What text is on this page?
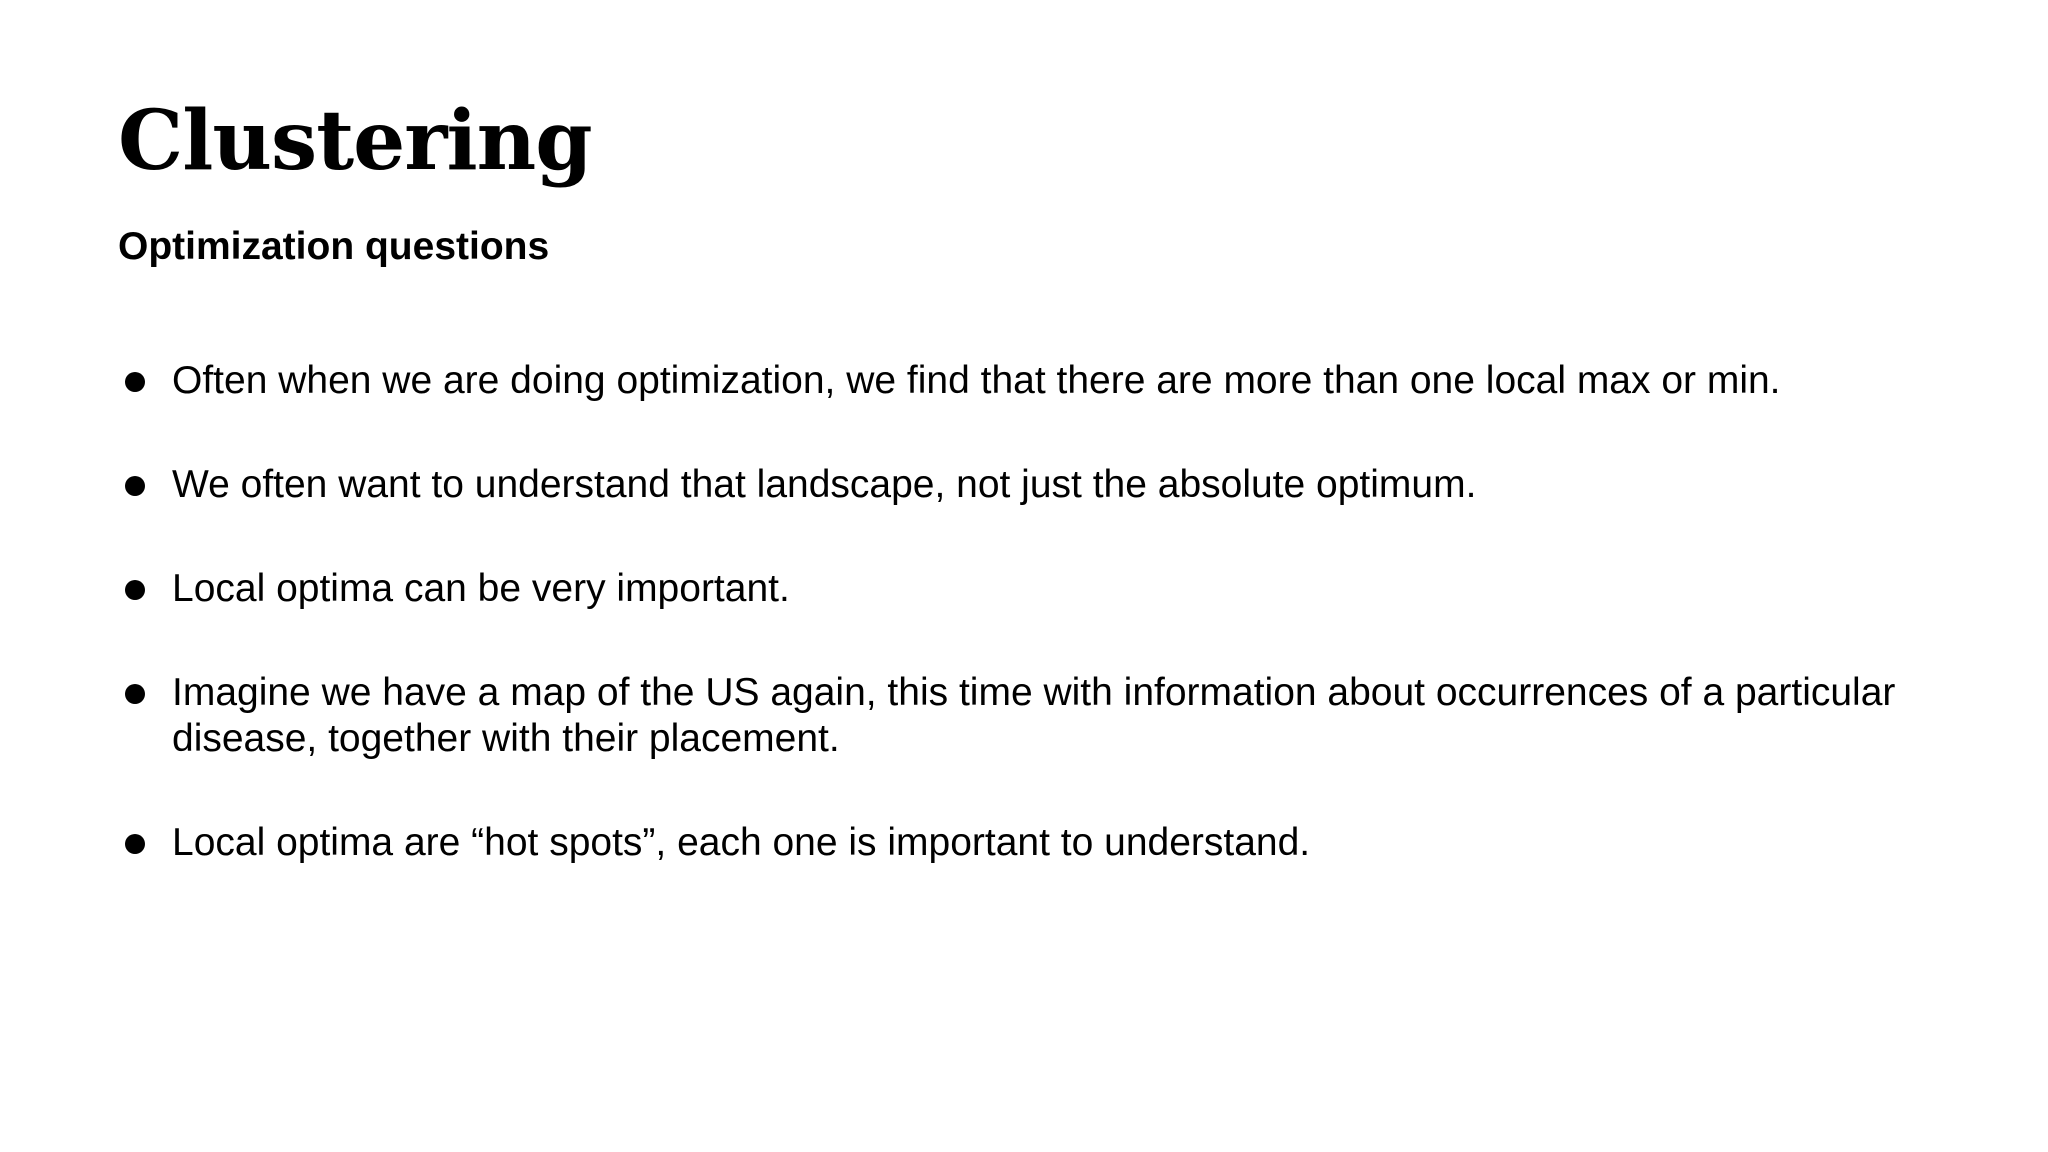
Clustering
Optimization questions
Often when we are doing optimization, we find that there are more than one local max or min.
We often want to understand that landscape, not just the absolute optimum.
Local optima can be very important.
Imagine we have a map of the US again, this time with information about occurrences of a particular disease, together with their placement.
Local optima are “hot spots”, each one is important to understand.
